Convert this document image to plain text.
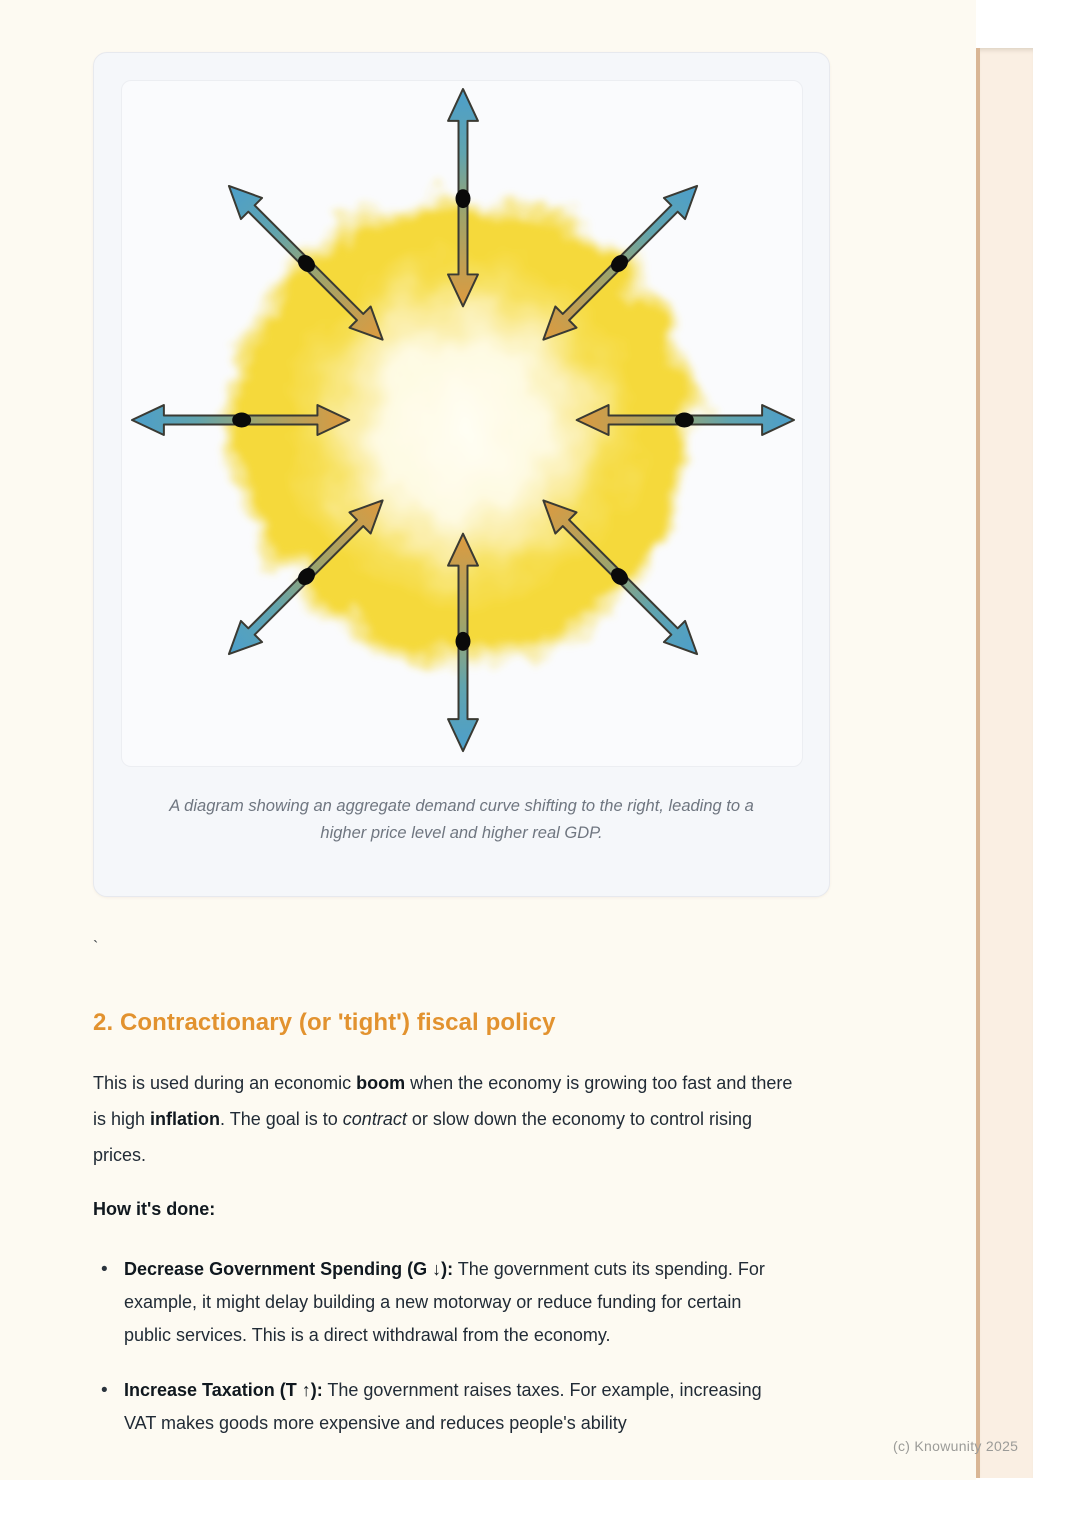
A diagram showing an aggregate demand curve shifting to the right, leading to a higher price level and higher real GDP.

`
2. Contractionary (or 'tight') fiscal policy

This is used during an economic boom when the economy is growing too fast and there is high inflation. The goal is to contract or slow down the economy to control rising prices.

How it's done:

• Decrease Government Spending (G ↓): The government cuts its spending. For example, it might delay building a new motorway or reduce funding for certain public services. This is a direct withdrawal from the economy.
• Increase Taxation (T ↑): The government raises taxes. For example, increasing VAT makes goods more expensive and reduces people's ability
(c) Knowunity 2025
